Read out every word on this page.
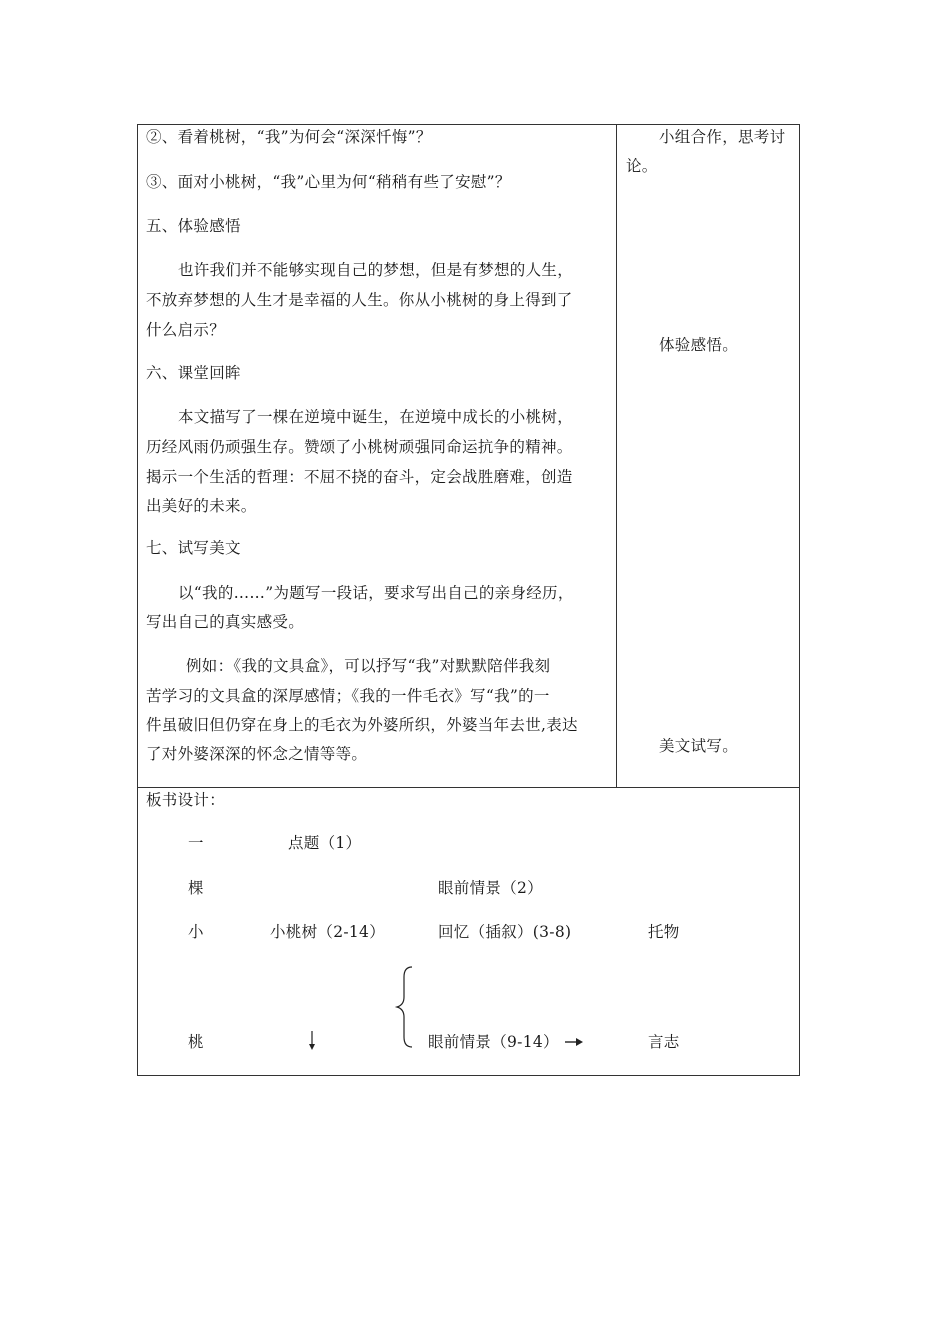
②、看着桃树，“我”为何会“深深忏悔”？
③、面对小桃树，“我”心里为何“稍稍有些了安慰”？
五、体验感悟
也许我们并不能够实现自己的梦想，但是有梦想的人生，
不放弃梦想的人生才是幸福的人生。你从小桃树的身上得到了
什么启示？
六、课堂回眸
本文描写了一棵在逆境中诞生，在逆境中成长的小桃树，
历经风雨仍顽强生存。赞颂了小桃树顽强同命运抗争的精神。
揭示一个生活的哲理：不屈不挠的奋斗，定会战胜磨难，创造
出美好的未来。
七、试写美文
以“我的……”为题写一段话，要求写出自己的亲身经历，
写出自己的真实感受。
例如：《我的文具盒》，可以抒写“我”对默默陪伴我刻
苦学习的文具盒的深厚感情；《我的一件毛衣》写“我”的一
件虽破旧但仍穿在身上的毛衣为外婆所织，外婆当年去世,表达
了对外婆深深的怀念之情等等。
小组合作，思考讨
论。
体验感悟。
美文试写。
板书设计：
一
棵
小
桃
点题（1）
小桃树（2-14）
眼前情景（2）
回忆（插叙）(3-8)
眼前情景（9-14）
托物
言志
